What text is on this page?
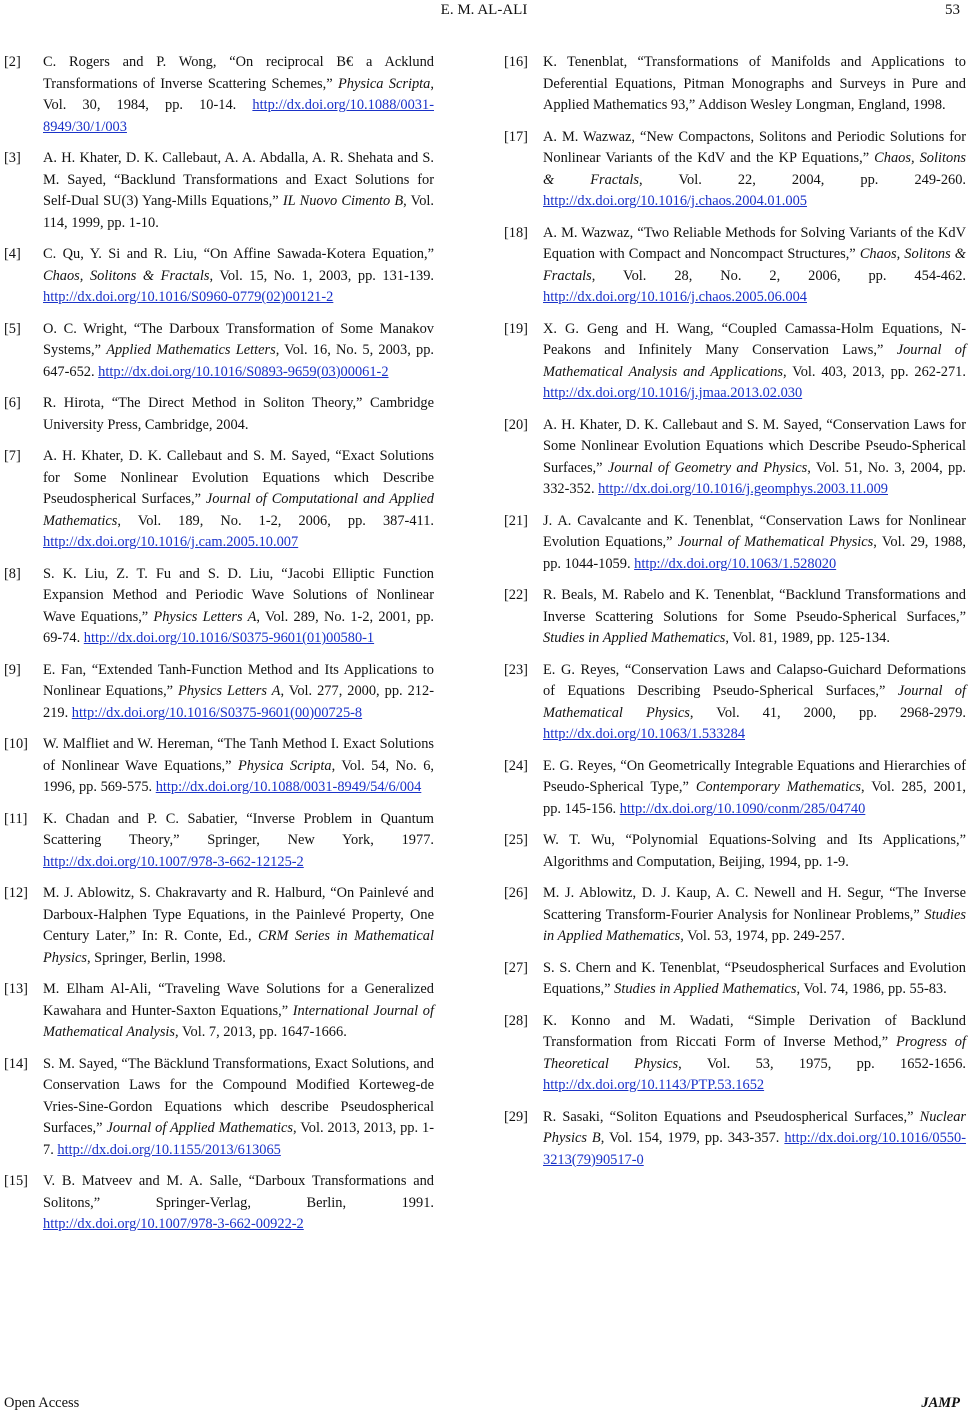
E. M. AL-ALI	53
[2] C. Rogers and P. Wong, “On reciprocal B€ a Acklund Transformations of Inverse Scattering Schemes,” Physica Scripta, Vol. 30, 1984, pp. 10-14. http://dx.doi.org/10.1088/0031-8949/30/1/003
[3] A. H. Khater, D. K. Callebaut, A. A. Abdalla, A. R. Shehata and S. M. Sayed, “Backlund Transformations and Exact Solutions for Self-Dual SU(3) Yang-Mills Equations,” IL Nuovo Cimento B, Vol. 114, 1999, pp. 1-10.
[4] C. Qu, Y. Si and R. Liu, “On Affine Sawada-Kotera Equation,” Chaos, Solitons & Fractals, Vol. 15, No. 1, 2003, pp. 131-139. http://dx.doi.org/10.1016/S0960-0779(02)00121-2
[5] O. C. Wright, “The Darboux Transformation of Some Manakov Systems,” Applied Mathematics Letters, Vol. 16, No. 5, 2003, pp. 647-652. http://dx.doi.org/10.1016/S0893-9659(03)00061-2
[6] R. Hirota, “The Direct Method in Soliton Theory,” Cambridge University Press, Cambridge, 2004.
[7] A. H. Khater, D. K. Callebaut and S. M. Sayed, “Exact Solutions for Some Nonlinear Evolution Equations which Describe Pseudospherical Surfaces,” Journal of Computational and Applied Mathematics, Vol. 189, No. 1-2, 2006, pp. 387-411. http://dx.doi.org/10.1016/j.cam.2005.10.007
[8] S. K. Liu, Z. T. Fu and S. D. Liu, “Jacobi Elliptic Function Expansion Method and Periodic Wave Solutions of Nonlinear Wave Equations,” Physics Letters A, Vol. 289, No. 1-2, 2001, pp. 69-74. http://dx.doi.org/10.1016/S0375-9601(01)00580-1
[9] E. Fan, “Extended Tanh-Function Method and Its Applications to Nonlinear Equations,” Physics Letters A, Vol. 277, 2000, pp. 212-219. http://dx.doi.org/10.1016/S0375-9601(00)00725-8
[10] W. Malfliet and W. Hereman, “The Tanh Method I. Exact Solutions of Nonlinear Wave Equations,” Physica Scripta, Vol. 54, No. 6, 1996, pp. 569-575. http://dx.doi.org/10.1088/0031-8949/54/6/004
[11] K. Chadan and P. C. Sabatier, “Inverse Problem in Quantum Scattering Theory,” Springer, New York, 1977. http://dx.doi.org/10.1007/978-3-662-12125-2
[12] M. J. Ablowitz, S. Chakravarty and R. Halburd, “On Painlevé and Darboux-Halphen Type Equations, in the Painlevé Property, One Century Later,” In: R. Conte, Ed., CRM Series in Mathematical Physics, Springer, Berlin, 1998.
[13] M. Elham Al-Ali, “Traveling Wave Solutions for a Generalized Kawahara and Hunter-Saxton Equations,” International Journal of Mathematical Analysis, Vol. 7, 2013, pp. 1647-1666.
[14] S. M. Sayed, “The Bäcklund Transformations, Exact Solutions, and Conservation Laws for the Compound Modified Korteweg-de Vries-Sine-Gordon Equations which describe Pseudospherical Surfaces,” Journal of Applied Mathematics, Vol. 2013, 2013, pp. 1-7. http://dx.doi.org/10.1155/2013/613065
[15] V. B. Matveev and M. A. Salle, “Darboux Transformations and Solitons,” Springer-Verlag, Berlin, 1991. http://dx.doi.org/10.1007/978-3-662-00922-2
[16] K. Tenenblat, “Transformations of Manifolds and Applications to Deferential Equations, Pitman Monographs and Surveys in Pure and Applied Mathematics 93,” Addison Wesley Longman, England, 1998.
[17] A. M. Wazwaz, “New Compactons, Solitons and Periodic Solutions for Nonlinear Variants of the KdV and the KP Equations,” Chaos, Solitons & Fractals, Vol. 22, 2004, pp. 249-260. http://dx.doi.org/10.1016/j.chaos.2004.01.005
[18] A. M. Wazwaz, “Two Reliable Methods for Solving Variants of the KdV Equation with Compact and Noncompact Structures,” Chaos, Solitons & Fractals, Vol. 28, No. 2, 2006, pp. 454-462. http://dx.doi.org/10.1016/j.chaos.2005.06.004
[19] X. G. Geng and H. Wang, “Coupled Camassa-Holm Equations, N-Peakons and Infinitely Many Conservation Laws,” Journal of Mathematical Analysis and Applications, Vol. 403, 2013, pp. 262-271. http://dx.doi.org/10.1016/j.jmaa.2013.02.030
[20] A. H. Khater, D. K. Callebaut and S. M. Sayed, “Conservation Laws for Some Nonlinear Evolution Equations which Describe Pseudo-Spherical Surfaces,” Journal of Geometry and Physics, Vol. 51, No. 3, 2004, pp. 332-352. http://dx.doi.org/10.1016/j.geomphys.2003.11.009
[21] J. A. Cavalcante and K. Tenenblat, “Conservation Laws for Nonlinear Evolution Equations,” Journal of Mathematical Physics, Vol. 29, 1988, pp. 1044-1059. http://dx.doi.org/10.1063/1.528020
[22] R. Beals, M. Rabelo and K. Tenenblat, “Backlund Transformations and Inverse Scattering Solutions for Some Pseudo-Spherical Surfaces,” Studies in Applied Mathematics, Vol. 81, 1989, pp. 125-134.
[23] E. G. Reyes, “Conservation Laws and Calapso-Guichard Deformations of Equations Describing Pseudo-Spherical Surfaces,” Journal of Mathematical Physics, Vol. 41, 2000, pp. 2968-2979. http://dx.doi.org/10.1063/1.533284
[24] E. G. Reyes, “On Geometrically Integrable Equations and Hierarchies of Pseudo-Spherical Type,” Contemporary Mathematics, Vol. 285, 2001, pp. 145-156. http://dx.doi.org/10.1090/conm/285/04740
[25] W. T. Wu, “Polynomial Equations-Solving and Its Applications,” Algorithms and Computation, Beijing, 1994, pp. 1-9.
[26] M. J. Ablowitz, D. J. Kaup, A. C. Newell and H. Segur, “The Inverse Scattering Transform-Fourier Analysis for Nonlinear Problems,” Studies in Applied Mathematics, Vol. 53, 1974, pp. 249-257.
[27] S. S. Chern and K. Tenenblat, “Pseudospherical Surfaces and Evolution Equations,” Studies in Applied Mathematics, Vol. 74, 1986, pp. 55-83.
[28] K. Konno and M. Wadati, “Simple Derivation of Backlund Transformation from Riccati Form of Inverse Method,” Progress of Theoretical Physics, Vol. 53, 1975, pp. 1652-1656. http://dx.doi.org/10.1143/PTP.53.1652
[29] R. Sasaki, “Soliton Equations and Pseudospherical Surfaces,” Nuclear Physics B, Vol. 154, 1979, pp. 343-357. http://dx.doi.org/10.1016/0550-3213(79)90517-0
Open Access	JAMP
